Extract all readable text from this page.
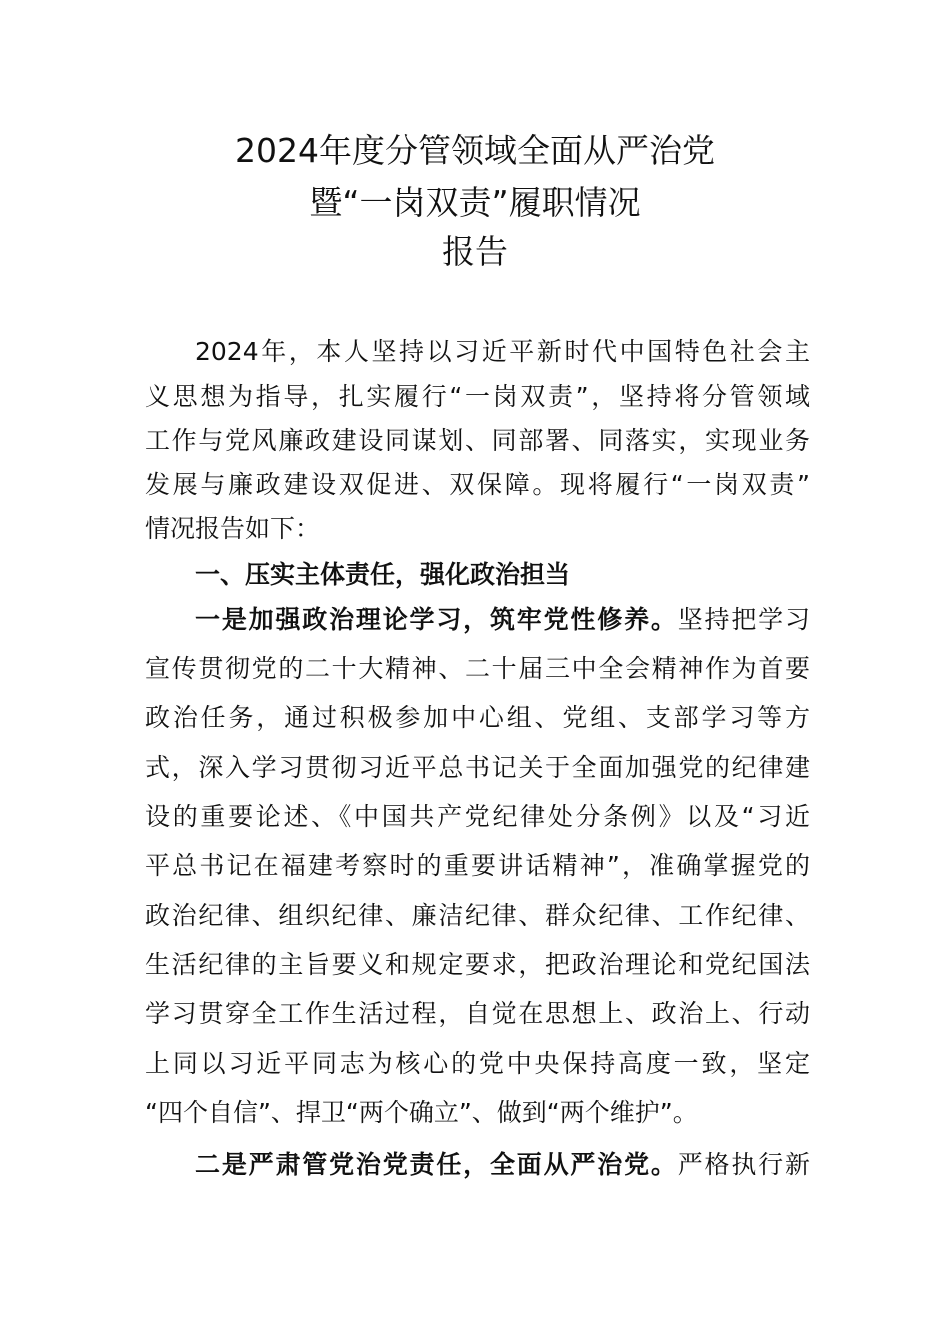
2024年度分管领域全面从严治党
暨“一岗双责”履职情况
报告
2024年，本人坚持以习近平新时代中国特色社会主
义思想为指导，扎实履行“一岗双责”，坚持将分管领域
工作与党风廉政建设同谋划、同部署、同落实，实现业务
发展与廉政建设双促进、双保障。现将履行“一岗双责”
情况报告如下：
一、压实主体责任，强化政治担当
一是加强政治理论学习，筑牢党性修养。坚持把学习
宣传贯彻党的二十大精神、二十届三中全会精神作为首要
政治任务，通过积极参加中心组、党组、支部学习等方
式，深入学习贯彻习近平总书记关于全面加强党的纪律建
设的重要论述、《中国共产党纪律处分条例》以及“习近
平总书记在福建考察时的重要讲话精神”，准确掌握党的
政治纪律、组织纪律、廉洁纪律、群众纪律、工作纪律、
生活纪律的主旨要义和规定要求，把政治理论和党纪国法
学习贯穿全工作生活过程，自觉在思想上、政治上、行动
上同以习近平同志为核心的党中央保持高度一致，坚定
“四个自信”、捍卫“两个确立”、做到“两个维护”。
二是严肃管党治党责任，全面从严治党。严格执行新
